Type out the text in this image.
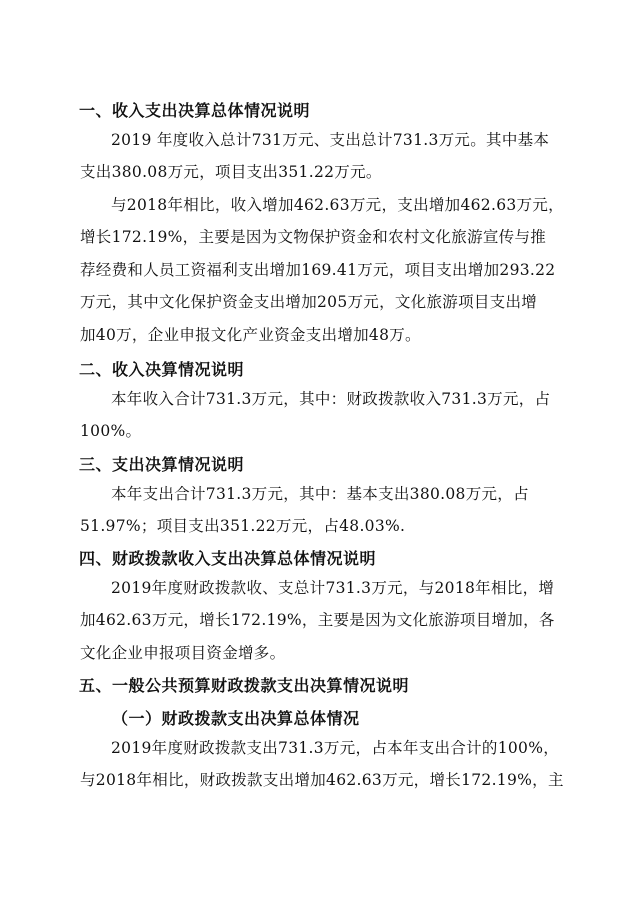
一、收入支出决算总体情况说明
2019 年度收入总计731万元、支出总计731.3万元。其中基本
支出380.08万元，项目支出351.22万元。
与2018年相比，收入增加462.63万元，支出增加462.63万元，
增长172.19%，主要是因为文物保护资金和农村文化旅游宣传与推
荐经费和人员工资福利支出增加169.41万元，项目支出增加293.22
万元，其中文化保护资金支出增加205万元，文化旅游项目支出增
加40万，企业申报文化产业资金支出增加48万。
二、收入决算情况说明
本年收入合计731.3万元，其中：财政拨款收入731.3万元，占
100%。
三、支出决算情况说明
本年支出合计731.3万元，其中：基本支出380.08万元，占
51.97%；项目支出351.22万元，占48.03%.
四、财政拨款收入支出决算总体情况说明
2019年度财政拨款收、支总计731.3万元，与2018年相比，增
加462.63万元，增长172.19%，主要是因为文化旅游项目增加，各
文化企业申报项目资金增多。
五、一般公共预算财政拨款支出决算情况说明
（一）财政拨款支出决算总体情况
2019年度财政拨款支出731.3万元，占本年支出合计的100%，
与2018年相比，财政拨款支出增加462.63万元，增长172.19%，主
